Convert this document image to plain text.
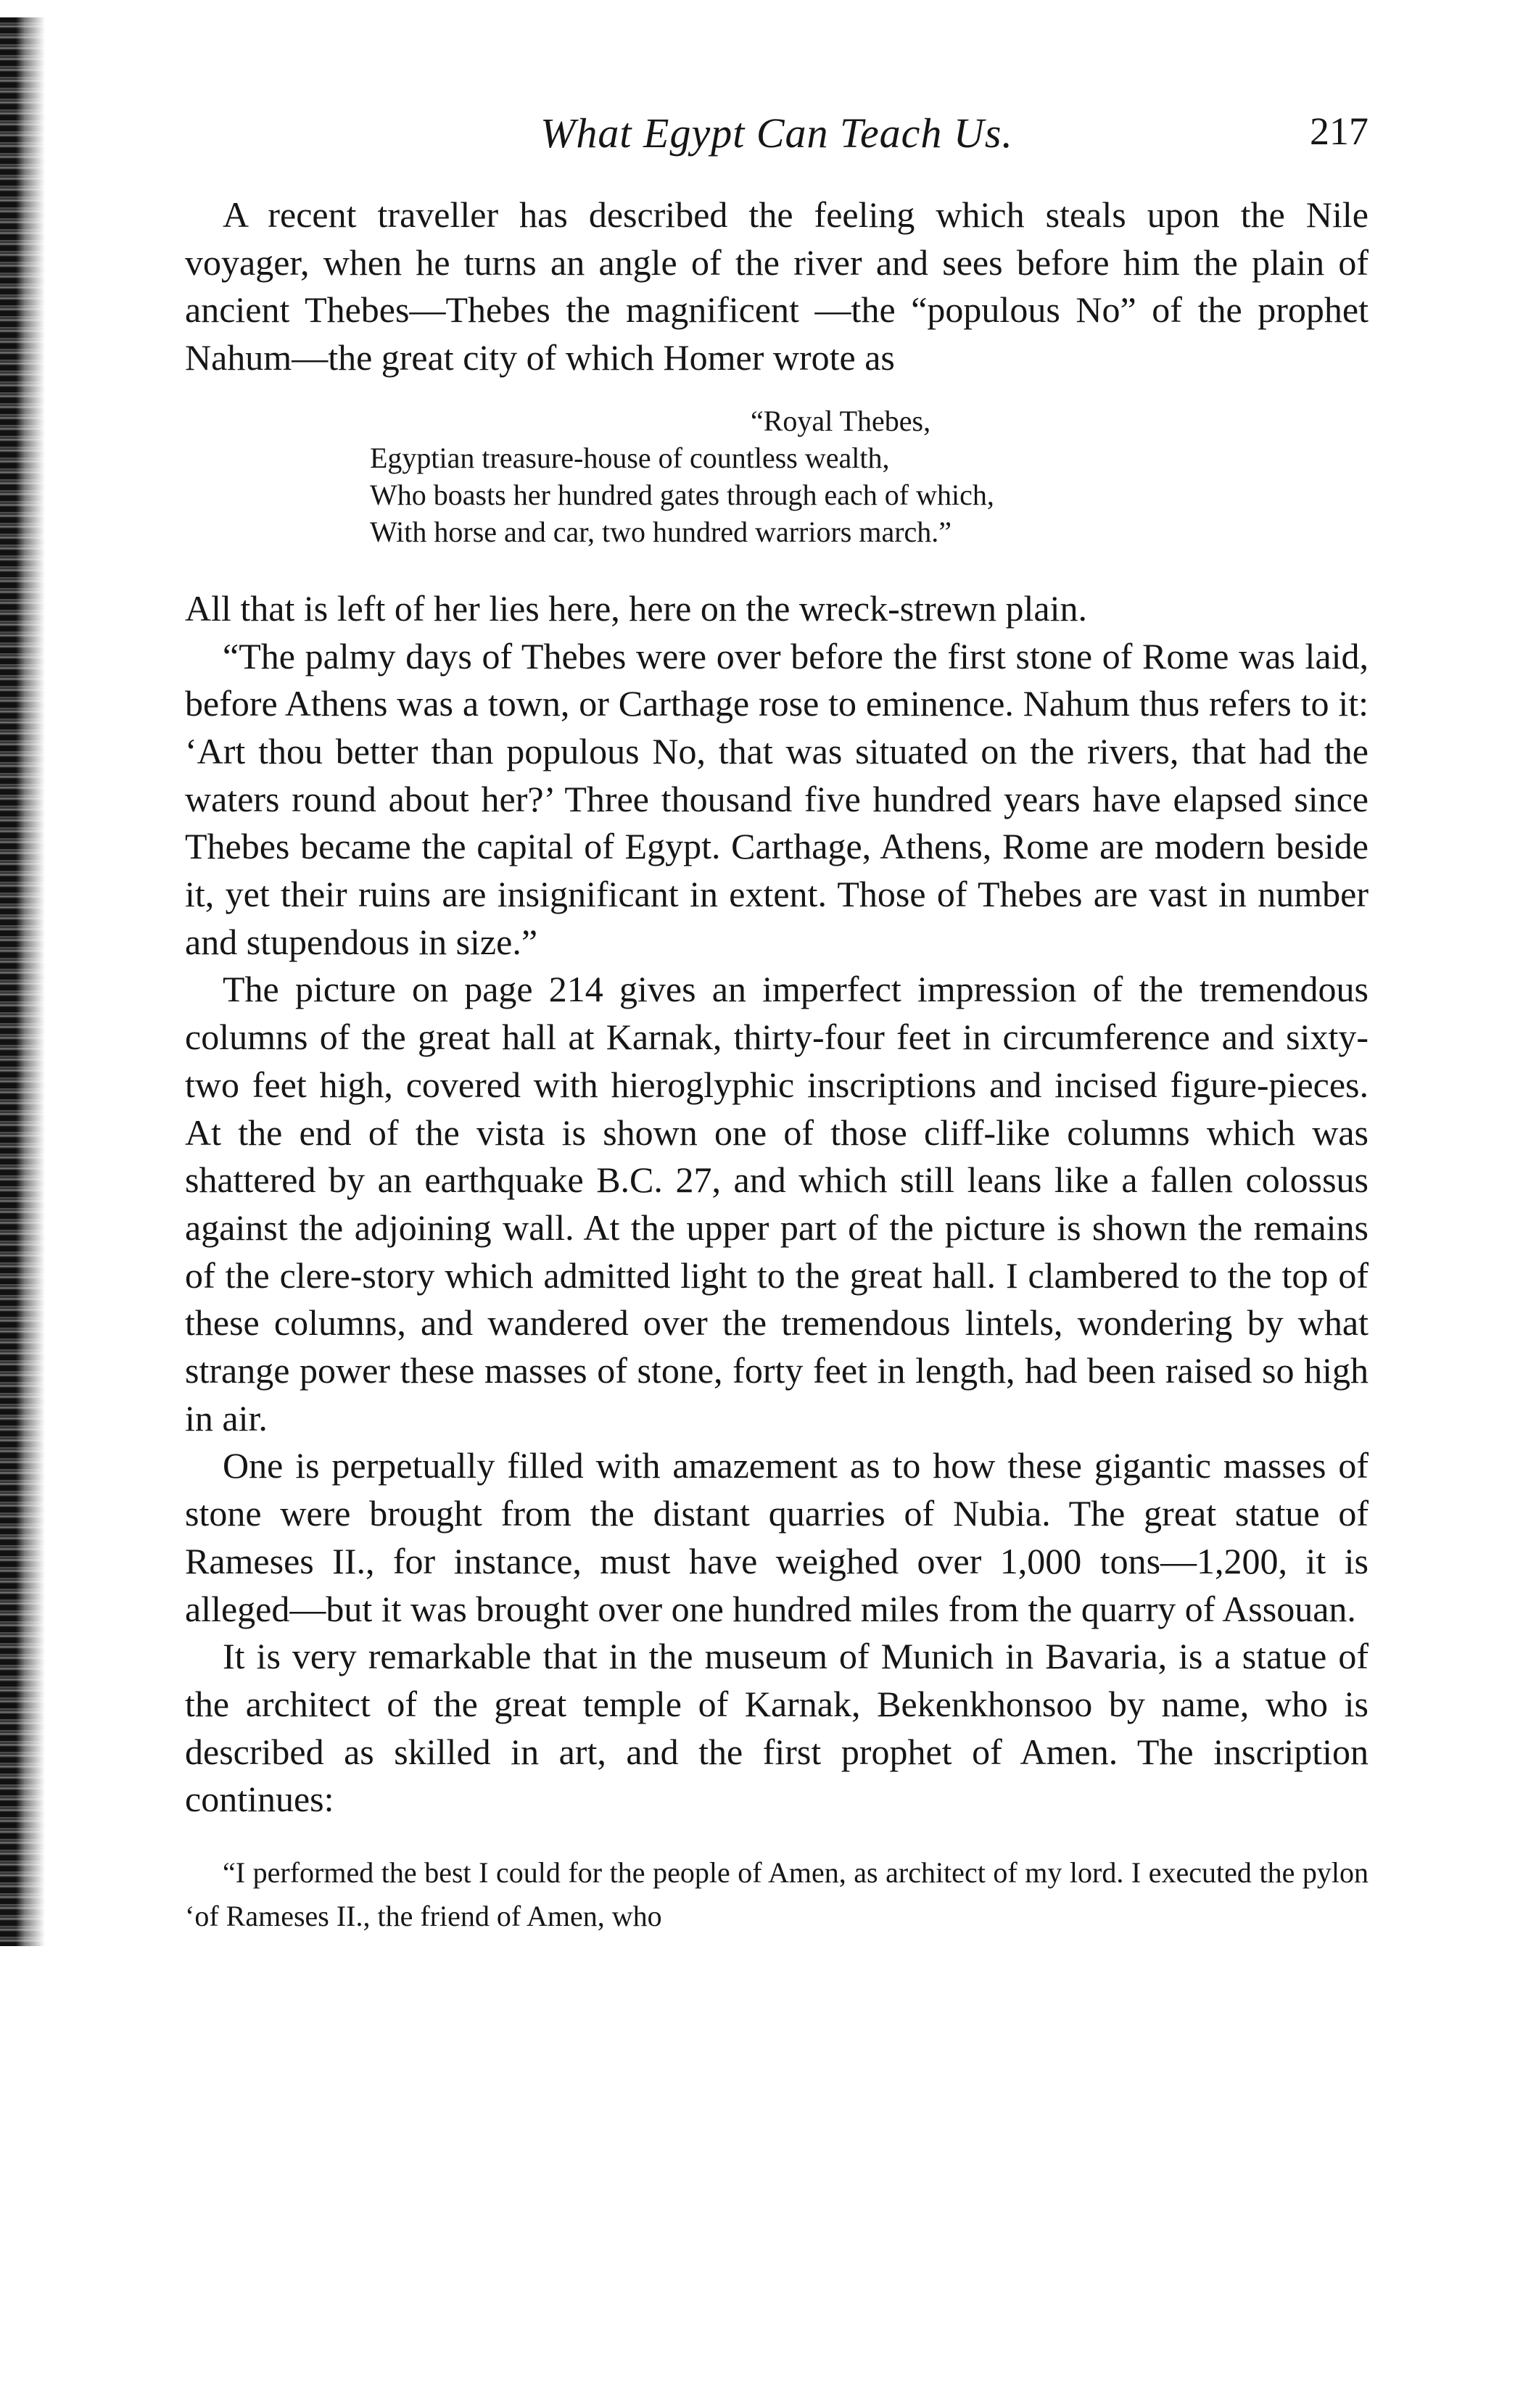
What Egypt Can Teach Us.	217

A recent traveller has described the feeling which steals upon the Nile voyager, when he turns an angle of the river and sees before him the plain of ancient Thebes—Thebes the magnificent —the “populous No” of the prophet Nahum—the great city of which Homer wrote as

“Royal Thebes,
Egyptian treasure-house of countless wealth,
Who boasts her hundred gates through each of which,
With horse and car, two hundred warriors march.”

All that is left of her lies here, here on the wreck-strewn plain.

“The palmy days of Thebes were over before the first stone of Rome was laid, before Athens was a town, or Carthage rose to eminence. Nahum thus refers to it: ‘Art thou better than populous No, that was situated on the rivers, that had the waters round about her?’ Three thousand five hundred years have elapsed since Thebes became the capital of Egypt. Carthage, Athens, Rome are modern beside it, yet their ruins are insignificant in extent. Those of Thebes are vast in number and stupendous in size.”

The picture on page 214 gives an imperfect impression of the tremendous columns of the great hall at Karnak, thirty-four feet in circumference and sixty-two feet high, covered with hieroglyphic inscriptions and incised figure-pieces. At the end of the vista is shown one of those cliff-like columns which was shattered by an earthquake B.C. 27, and which still leans like a fallen colossus against the adjoining wall. At the upper part of the picture is shown the remains of the clere-story which admitted light to the great hall. I clambered to the top of these columns, and wandered over the tremendous lintels, wondering by what strange power these masses of stone, forty feet in length, had been raised so high in air.

One is perpetually filled with amazement as to how these gigantic masses of stone were brought from the distant quarries of Nubia. The great statue of Rameses II., for instance, must have weighed over 1,000 tons—1,200, it is alleged—but it was brought over one hundred miles from the quarry of Assouan.

It is very remarkable that in the museum of Munich in Bavaria, is a statue of the architect of the great temple of Karnak, Bekenkhonsoo by name, who is described as skilled in art, and the first prophet of Amen. The inscription continues:

“I performed the best I could for the people of Amen, as architect of my lord. I executed the pylon ‘of Rameses II., the friend of Amen, who
